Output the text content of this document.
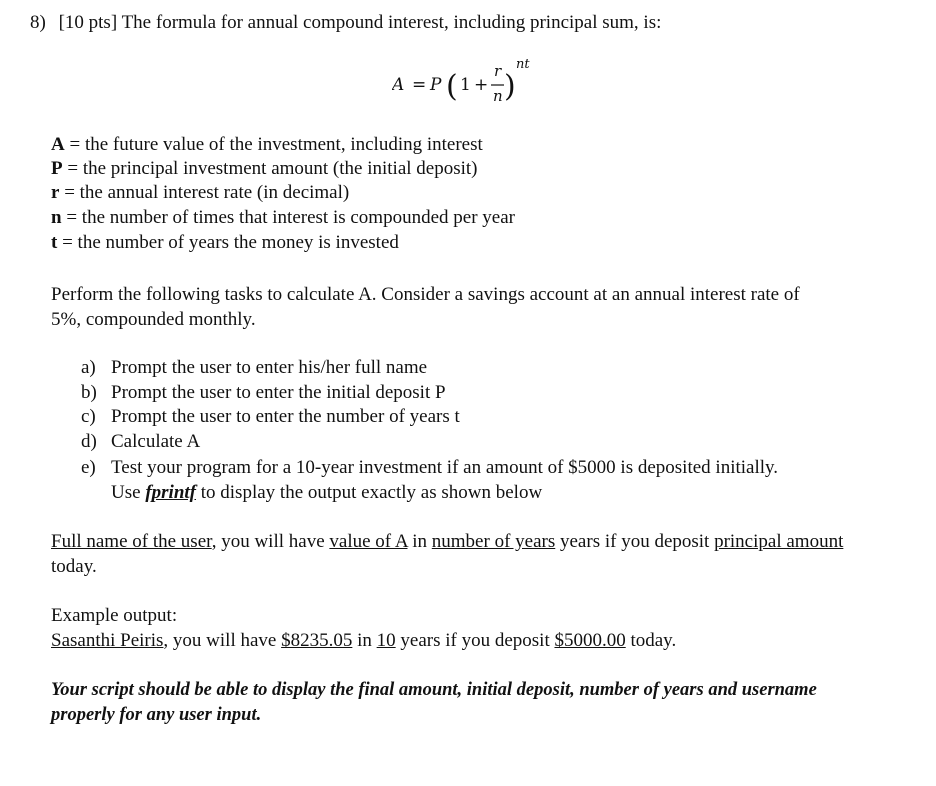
8) [10 pts] The formula for annual compound interest, including principal sum, is:
A = P ( 1 +
r
n )
nt
A = the future value of the investment, including interest
P = the principal investment amount (the initial deposit)
r = the annual interest rate (in decimal)
n = the number of times that interest is compounded per year
t = the number of years the money is invested
Perform the following tasks to calculate A. Consider a savings account at an annual interest rate of
5%, compounded monthly.
a) Prompt the user to enter his/her full name
b) Prompt the user to enter the initial deposit P
c) Prompt the user to enter the number of years t
d) Calculate A
e) Test your program for a 10-year investment if an amount of $5000 is deposited initially.
Use fprintf to display the output exactly as shown below
Full name of the user, you will have value of A in number of years years if you deposit principal amount
today.
Example output:
Sasanthi Peiris, you will have $8235.05 in 10 years if you deposit $5000.00 today.
Your script should be able to display the final amount, initial deposit, number of years and username
properly for any user input.
